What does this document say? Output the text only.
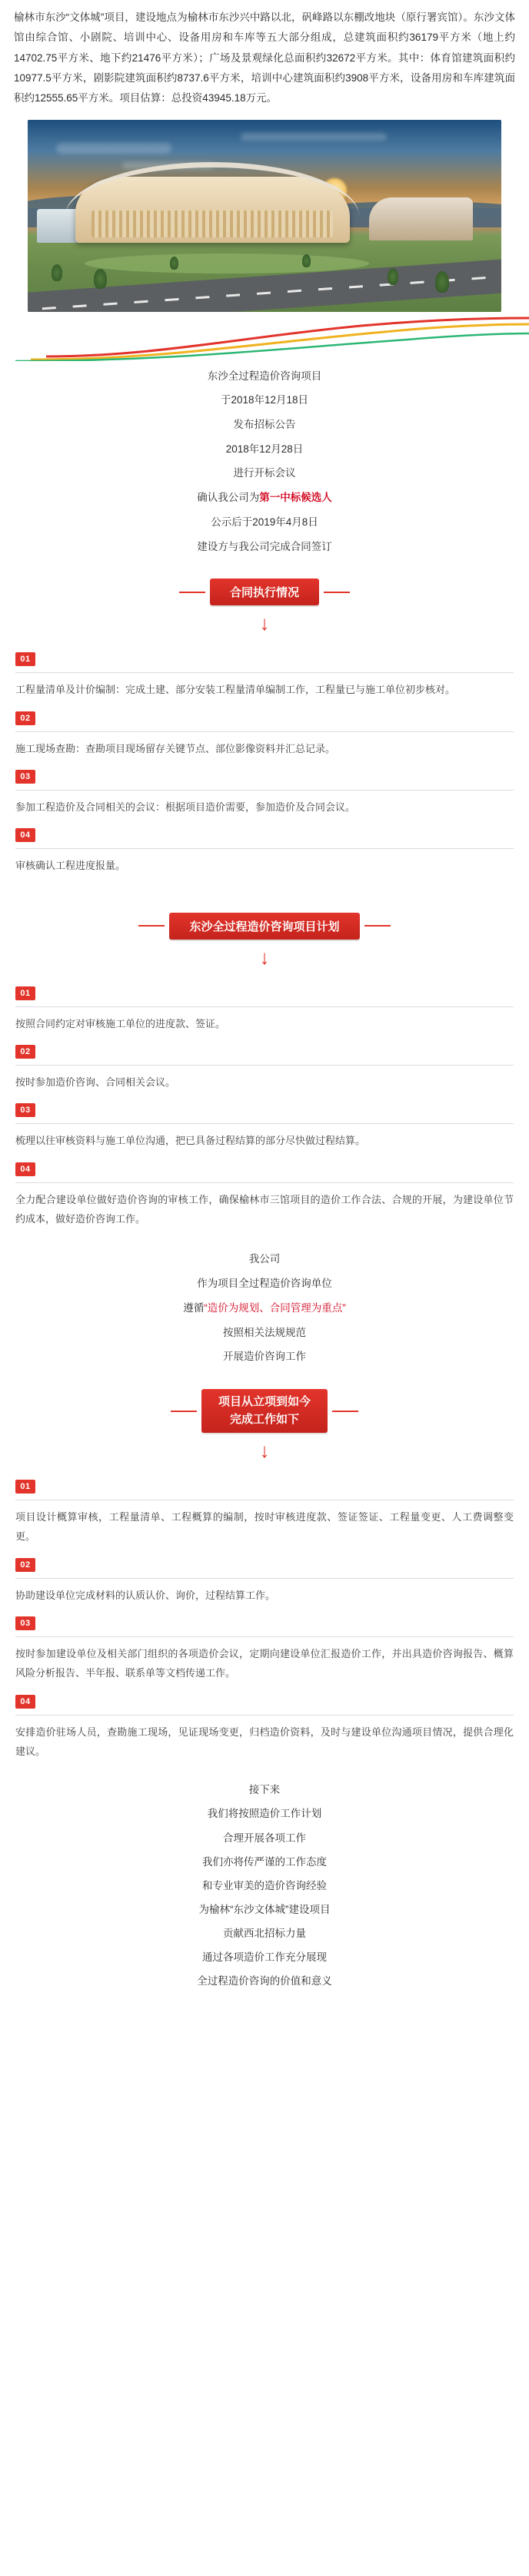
榆林市东沙“文体城”项目，建设地点为榆林市东沙兴中路以北，矾峰路以东棚改地块（原行署宾馆）。东沙文体馆由综合馆、小剧院、培训中心、设备用房和车库等五大部分组成，总建筑面积约36179平方米（地上约14702.75平方米、地下约21476平方米）；广场及景观绿化总面积约32672平方米。其中：体育馆建筑面积约10977.5平方米，剧影院建筑面积约8737.6平方米，培训中心建筑面积约3908平方米，设备用房和车库建筑面积约12555.65平方米。项目估算：总投资43945.18万元。
东沙全过程造价咨询项目
于2018年12月18日
发布招标公告
2018年12月28日
进行开标会议
确认我公司为第一中标候选人
公示后于2019年4月8日
建设方与我公司完成合同签订
合同执行情况
↓
01
工程量清单及计价编制：完成土建、部分安装工程量清单编制工作，工程量已与施工单位初步核对。
02
施工现场查勘：查勘项目现场留存关键节点、部位影像资料并汇总记录。
03
参加工程造价及合同相关的会议：根据项目造价需要，参加造价及合同会议。
04
审核确认工程进度报量。
东沙全过程造价咨询项目计划
↓
01
按照合同约定对审核施工单位的进度款、签证。
02
按时参加造价咨询、合同相关会议。
03
梳理以往审核资料与施工单位沟通，把已具备过程结算的部分尽快做过程结算。
04
全力配合建设单位做好造价咨询的审核工作，确保榆林市三馆项目的造价工作合法、合规的开展，为建设单位节约成本，做好造价咨询工作。
我公司
作为项目全过程造价咨询单位
遵循“造价为规划、合同管理为重点”
按照相关法规规范
开展造价咨询工作
项目从立项到如今
完成工作如下
↓
01
项目设计概算审核，工程量清单、工程概算的编制，按时审核进度款、签证签证、工程量变更、人工费调整变更。
02
协助建设单位完成材料的认质认价、询价，过程结算工作。
03
按时参加建设单位及相关部门组织的各项造价会议，定期向建设单位汇报造价工作，并出具造价咨询报告、概算风险分析报告、半年报、联系单等文档传递工作。
04
安排造价驻场人员，查勘施工现场，见证现场变更，归档造价资料，及时与建设单位沟通项目情况，提供合理化建议。
接下来
我们将按照造价工作计划
合理开展各项工作
我们亦将传严谨的工作态度
和专业审美的造价咨询经验
为榆林“东沙文体城”建设项目
贡献西北招标力量
通过各项造价工作充分展现
全过程造价咨询的价值和意义
